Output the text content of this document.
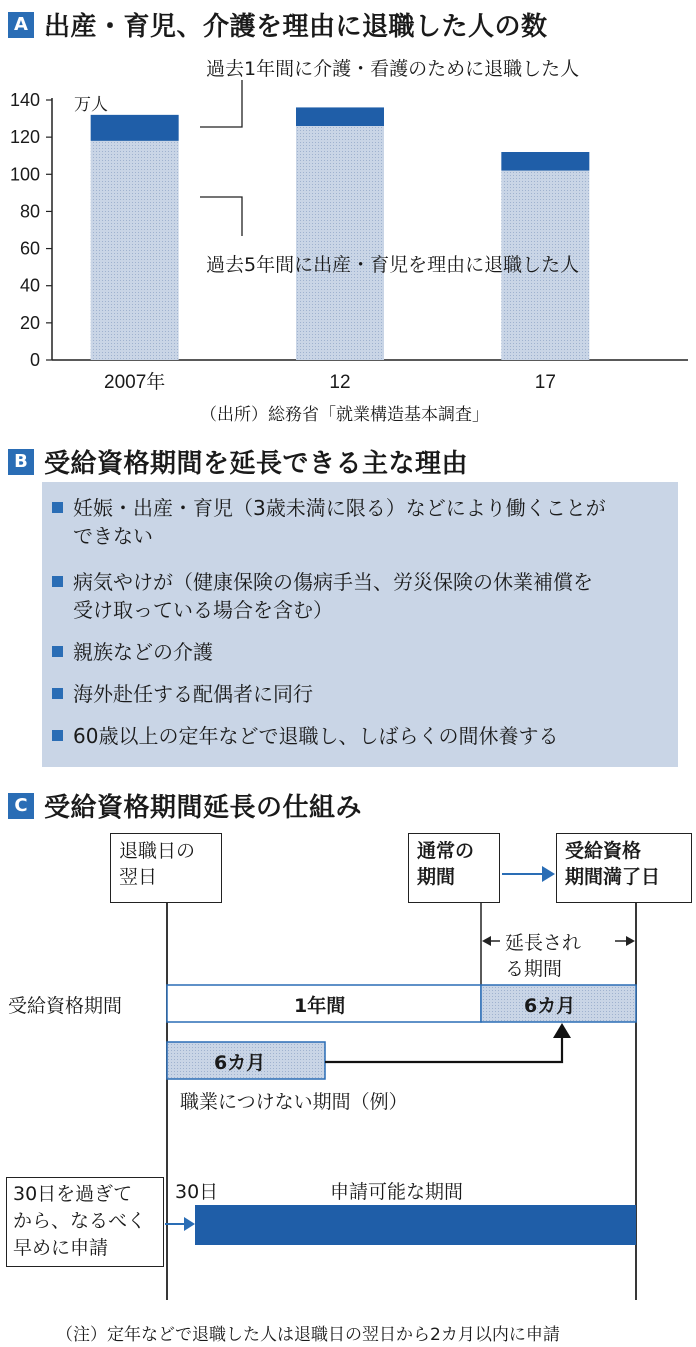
A 出産・育児、介護を理由に退職した人の数
0
20
40
60
80
100
120
140
2007年	12	17
万人
過去1年間に介護・看護のために退職した人
過去5年間に出産・育児を理由に退職した人
（出所）総務省「就業構造基本調査」
B 受給資格期間を延長できる主な理由
妊娠・出産・育児（3歳未満に限る）などにより働くことが
できない
病気やけが（健康保険の傷病手当、労災保険の休業補償を
受け取っている場合を含む）
親族などの介護
海外赴任する配偶者に同行
60歳以上の定年などで退職し、しばらくの間休養する
C 受給資格期間延長の仕組み
退職日の
翌日
通常の
期間
受給資格
期間満了日
延長され
る期間
受給資格期間	1年間	6カ月
6カ月
職業につけない期間（例）
30日を過ぎて
から、なるべく
早めに申請
30日	申請可能な期間
（注）定年などで退職した人は退職日の翌日から2カ月以内に申請
